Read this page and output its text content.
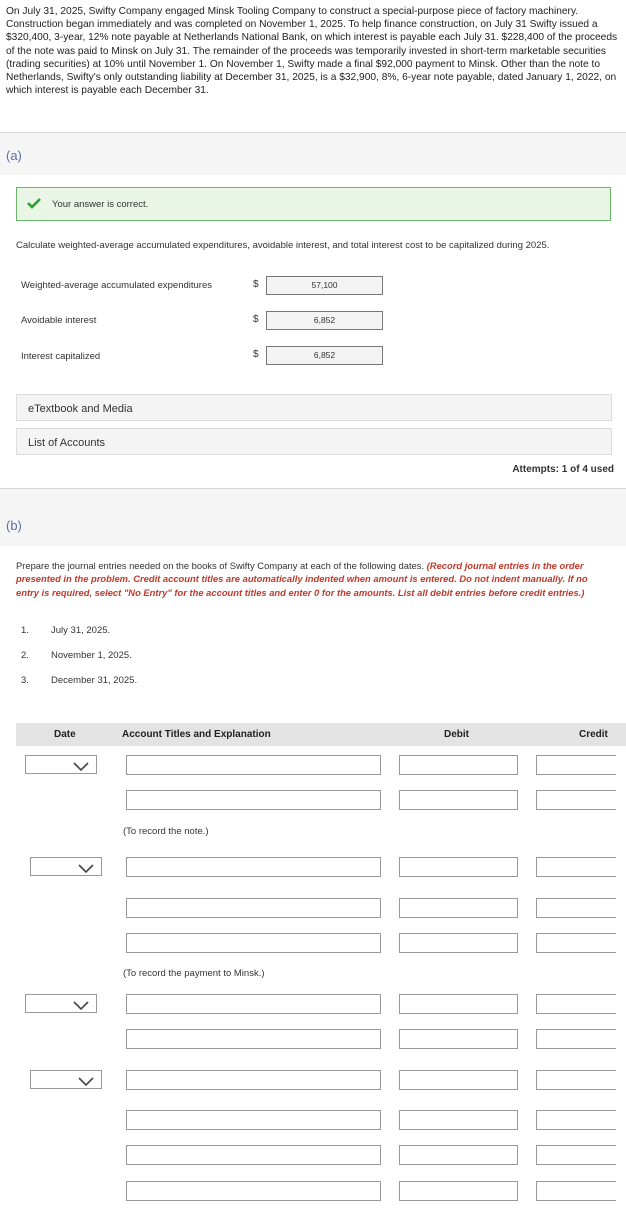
On July 31, 2025, Swifty Company engaged Minsk Tooling Company to construct a special-purpose piece of factory machinery. Construction began immediately and was completed on November 1, 2025. To help finance construction, on July 31 Swifty issued a $320,400, 3-year, 12% note payable at Netherlands National Bank, on which interest is payable each July 31. $228,400 of the proceeds of the note was paid to Minsk on July 31. The remainder of the proceeds was temporarily invested in short-term marketable securities (trading securities) at 10% until November 1. On November 1, Swifty made a final $92,000 payment to Minsk. Other than the note to Netherlands, Swifty's only outstanding liability at December 31, 2025, is a $32,900, 8%, 6-year note payable, dated January 1, 2022, on which interest is payable each December 31.
(a)
Your answer is correct.
Calculate weighted-average accumulated expenditures, avoidable interest, and total interest cost to be capitalized during 2025.
Weighted-average accumulated expenditures	$	57,100
Avoidable interest	$	6,852
Interest capitalized	$	6,852
eTextbook and Media
List of Accounts
Attempts: 1 of 4 used
(b)
Prepare the journal entries needed on the books of Swifty Company at each of the following dates. (Record journal entries in the order presented in the problem. Credit account titles are automatically indented when amount is entered. Do not indent manually. If no entry is required, select "No Entry" for the account titles and enter 0 for the amounts. List all debit entries before credit entries.)
1. July 31, 2025.
2. November 1, 2025.
3. December 31, 2025.
Date	Account Titles and Explanation	Debit	Credit
(To record the note.)
(To record the payment to Minsk.)
